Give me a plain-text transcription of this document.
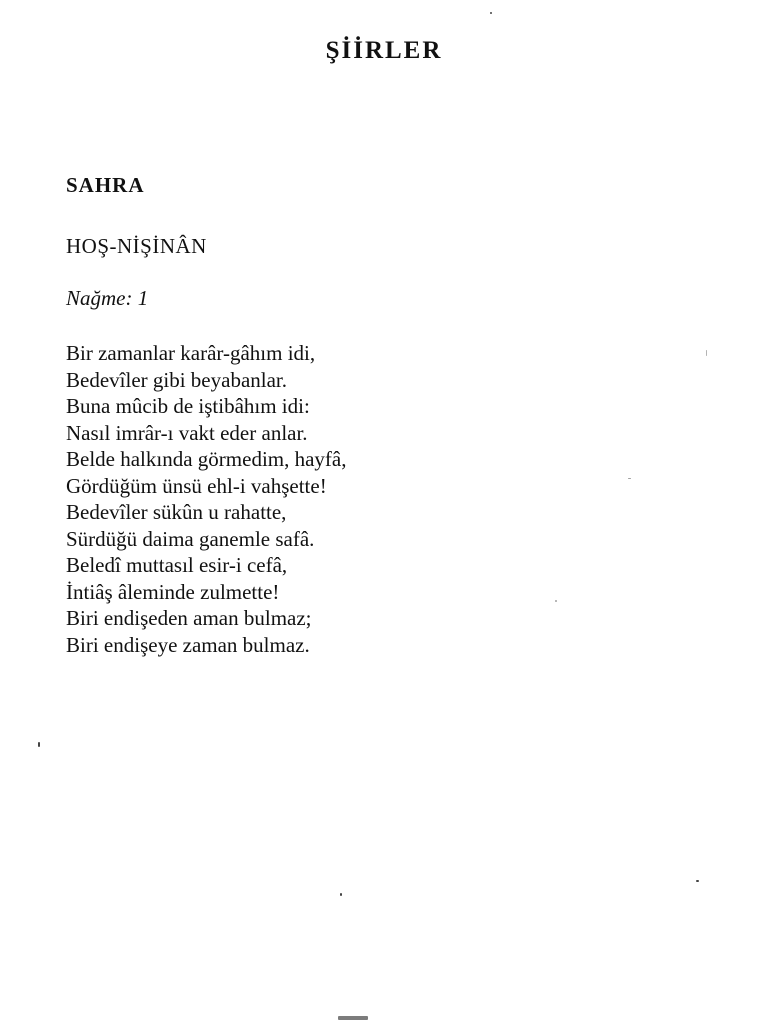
ŞİİRLER
SAHRA
HOŞ-NİŞİNÂN
Nağme: 1
Bir zamanlar karâr-gâhım idi,
Bedevîler gibi beyabanlar.
Buna mûcib de iştibâhım idi:
Nasıl imrâr-ı vakt eder anlar.
Belde halkında görmedim, hayfâ,
Gördüğüm ünsü ehl-i vahşette!
Bedevîler sükûn u rahatte,
Sürdüğü daima ganemle safâ.
Beledî muttasıl esir-i cefâ,
İntiâş âleminde zulmette!
Biri endişeden aman bulmaz;
Biri endişeye zaman bulmaz.
